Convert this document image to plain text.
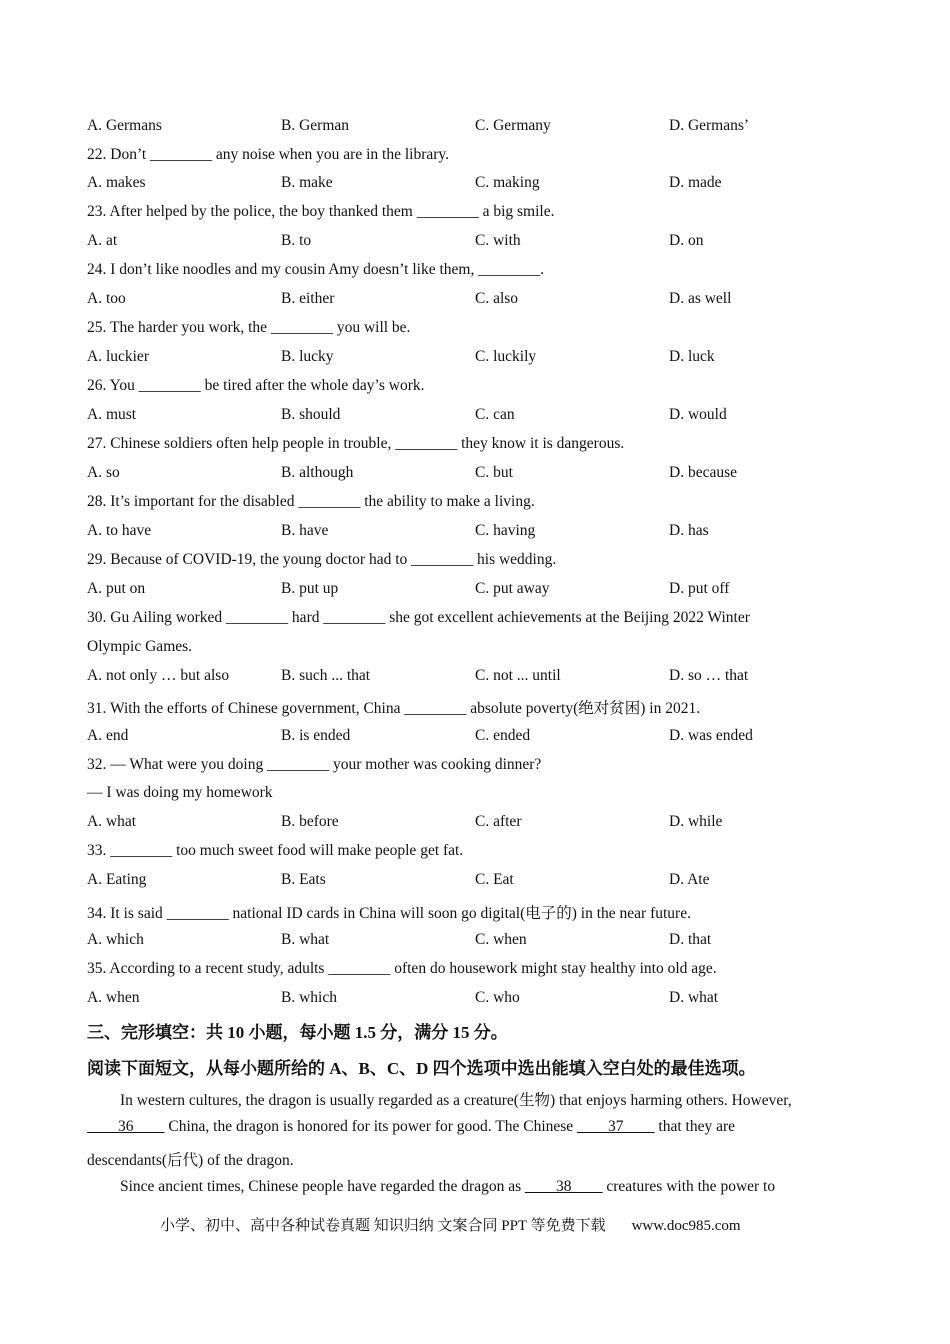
A. Germans	B. German	C. Germany	D. Germans’
22. Don’t ________ any noise when you are in the library.
A. makes	B. make	C. making	D. made
23. After helped by the police, the boy thanked them ________ a big smile.
A. at	B. to	C. with	D. on
24. I don’t like noodles and my cousin Amy doesn’t like them, ________.
A. too	B. either	C. also	D. as well
25. The harder you work, the ________ you will be.
A. luckier	B. lucky	C. luckily	D. luck
26. You ________ be tired after the whole day’s work.
A. must	B. should	C. can	D. would
27. Chinese soldiers often help people in trouble, ________ they know it is dangerous.
A. so	B. although	C. but	D. because
28. It’s important for the disabled ________ the ability to make a living.
A. to have	B. have	C. having	D. has
29. Because of COVID-19, the young doctor had to ________ his wedding.
A. put on	B. put up	C. put away	D. put off
30. Gu Ailing worked ________ hard ________ she got excellent achievements at the Beijing 2022 Winter
Olympic Games.
A. not only … but also	B. such ... that	C. not ... until	D. so … that
31. With the efforts of Chinese government, China ________ absolute poverty(绝对贫困) in 2021.
A. end	B. is ended	C. ended	D. was ended
32. — What were you doing ________ your mother was cooking dinner?
— I was doing my homework
A. what	B. before	C. after	D. while
33. ________ too much sweet food will make people get fat.
A. Eating	B. Eats	C. Eat	D. Ate
34. It is said ________ national ID cards in China will soon go digital(电子的) in the near future.
A. which	B. what	C. when	D. that
35. According to a recent study, adults ________ often do housework might stay healthy into old age.
A. when	B. which	C. who	D. what
三、完形填空：共 10 小题，每小题 1.5 分，满分 15 分。
阅读下面短文，从每小题所给的 A、B、C、D 四个选项中选出能填入空白处的最佳选项。
In western cultures, the dragon is usually regarded as a creature(生物) that enjoys harming others. However,
____36____ China, the dragon is honored for its power for good. The Chinese ____37____ that they are
descendants(后代) of the dragon.
Since ancient times, Chinese people have regarded the dragon as ____38____ creatures with the power to
小学、初中、高中各种试卷真题 知识归纳 文案合同 PPT 等免费下载 www.doc985.com
